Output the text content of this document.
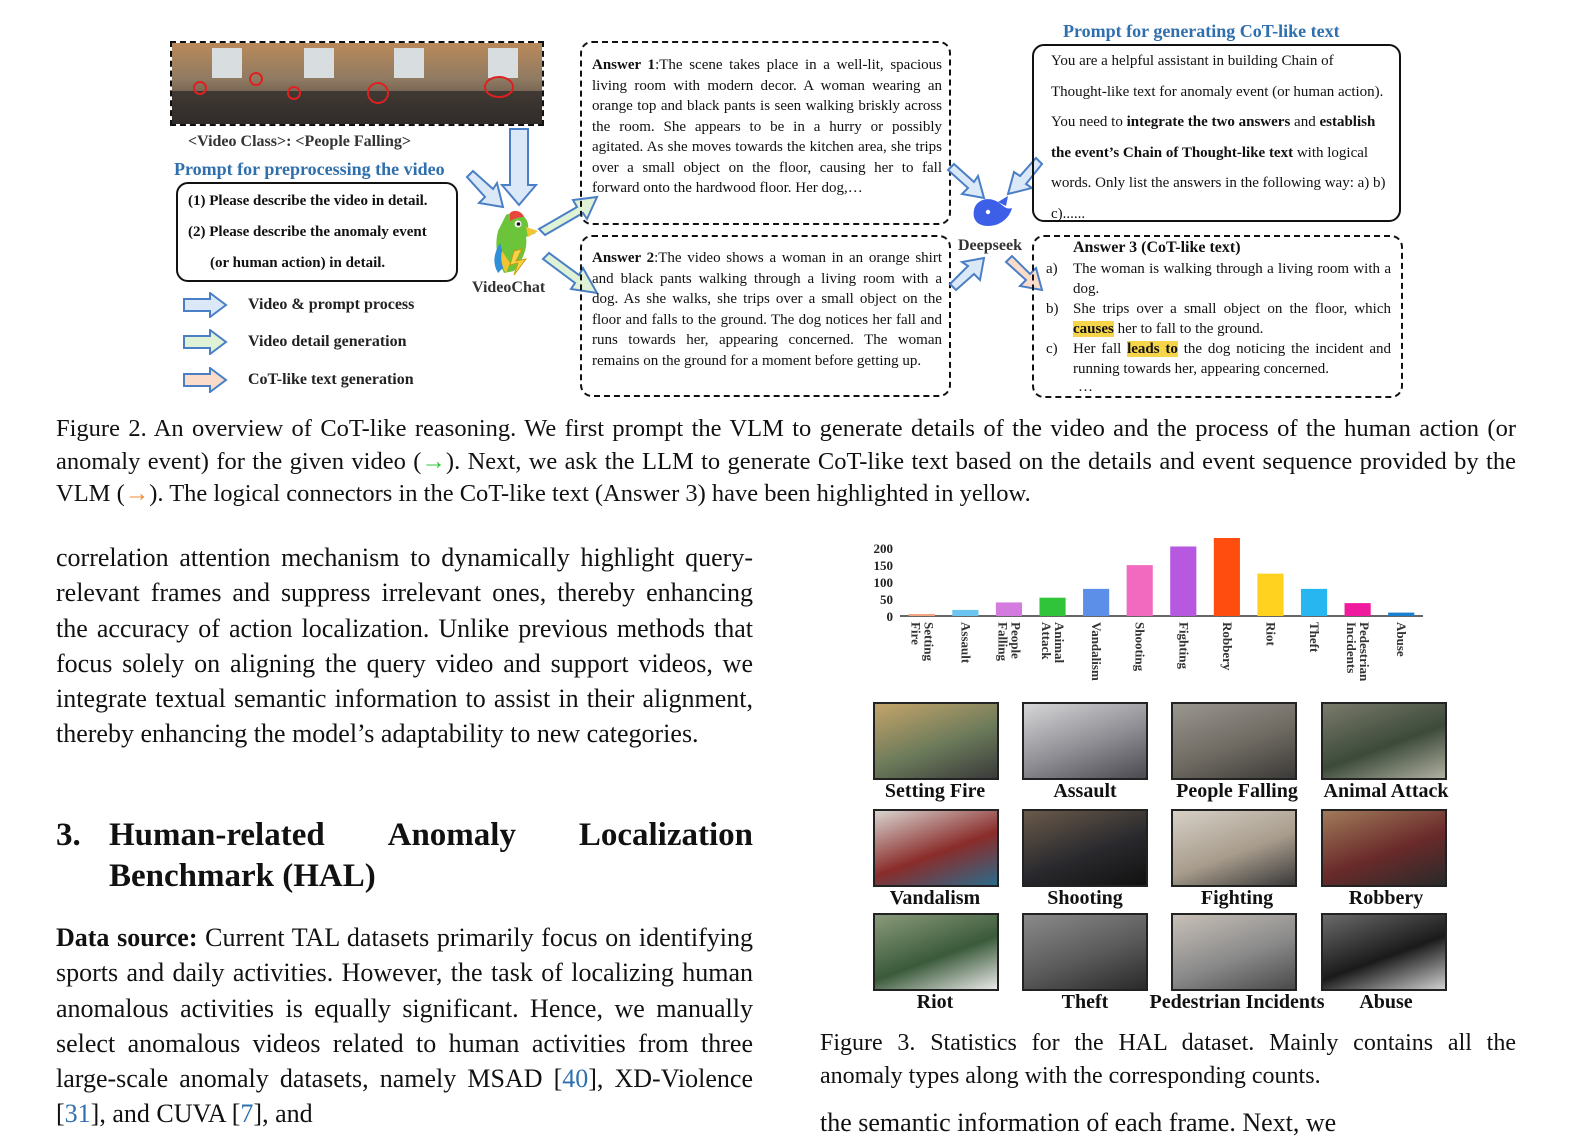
<Video Class>: <People Falling>
Prompt for preprocessing the video

(1) Please describe the video in detail.

(2) Please describe the anomaly event

(or human action) in detail.

Video & prompt process
Video detail generation
CoT-like text generation
VideoChat
Answer 1:The scene takes place in a well-lit, spacious living room with modern decor. A woman wearing an orange top and black pants is seen walking briskly across the room. She appears to be in a hurry or possibly agitated. As she moves towards the kitchen area, she trips over a small object on the floor, causing her to fall forward onto the hardwood floor. Her dog,…
Answer 2:The video shows a woman in an orange shirt and black pants walking through a living room with a dog. As she walks, she trips over a small object on the floor and falls to the ground. The dog notices her fall and runs towards her, appearing concerned. The woman remains on the ground for a moment before getting up.
Deepseek
Prompt for generating CoT-like text
You are a helpful assistant in building Chain of Thought-like text for anomaly event (or human action). You need to integrate the two answers and establish the event’s Chain of Thought-like text with logical words. Only list the answers in the following way: a) b) c)......
Answer 3 (CoT-like text)
a) The woman is walking through a living room with a dog.
b) She trips over a small object on the floor, which causes her to fall to the ground.
c) Her fall leads to the dog noticing the incident and running towards her, appearing concerned.
…
Figure 2. An overview of CoT-like reasoning. We first prompt the VLM to generate details of the video and the process of the human action (or anomaly event) for the given video (→). Next, we ask the LLM to generate CoT-like text based on the details and event sequence provided by the VLM (→). The logical connectors in the CoT-like text (Answer 3) have been highlighted in yellow.
correlation attention mechanism to dynamically highlight query-relevant frames and suppress irrelevant ones, thereby enhancing the accuracy of action localization. Unlike previous methods that focus solely on aligning the query video and support videos, we integrate textual semantic information to assist in their alignment, thereby enhancing the model’s adaptability to new categories.
3. Human-related Anomaly Localization
Benchmark (HAL)
Data source: Current TAL datasets primarily focus on identifying sports and daily activities. However, the task of localizing human anomalous activities is equally significant. Hence, we manually select anomalous videos related to human activities from three large-scale anomaly datasets, namely MSAD [40], XD-Violence [31], and CUVA [7], and
0
50
100
150
200
Setting
Fire	Assault	People
Falling	Animal
Attack	Vandalism Shooting Fighting Robbery Riot Theft	Pedestrian
Incidents	Abuse
Setting Fire	Assault	People Falling	Animal Attack
Vandalism	Shooting	Fighting	Robbery
Riot	Theft	Pedestrian Incidents	Abuse
Figure 3. Statistics for the HAL dataset. Mainly contains all the anomaly types along with the corresponding counts.
the semantic information of each frame. Next, we
